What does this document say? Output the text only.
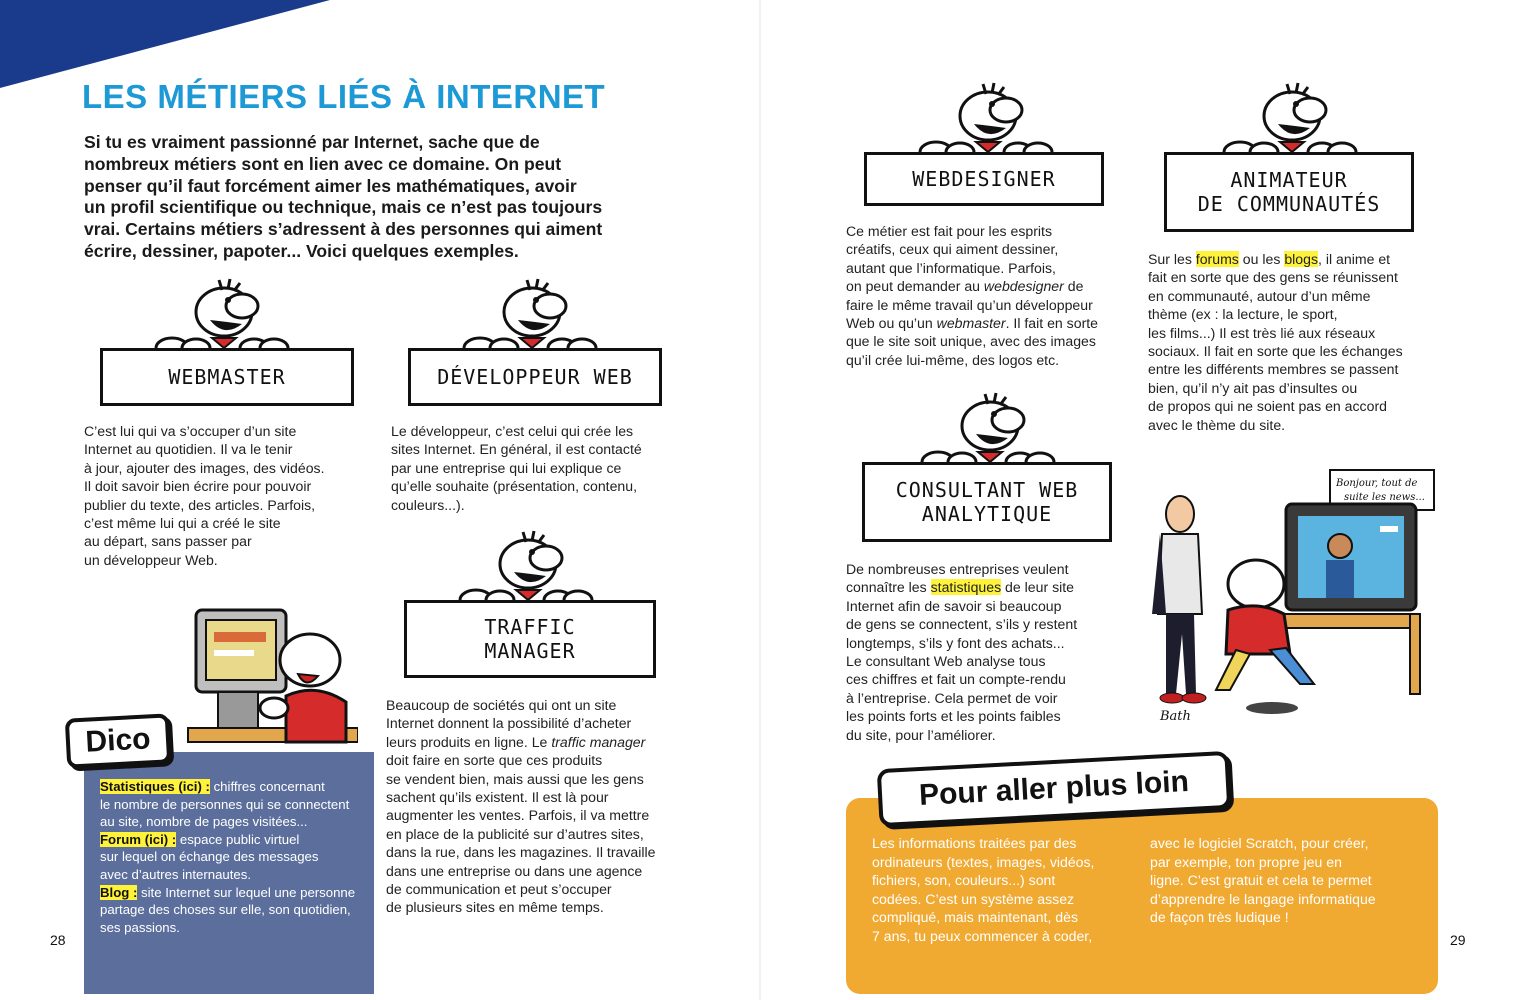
LES MÉTIERS LIÉS À INTERNET
Si tu es vraiment passionné par Internet, sache que de
nombreux métiers sont en lien avec ce domaine. On peut
penser qu’il faut forcément aimer les mathématiques, avoir
un profil scientifique ou technique, mais ce n’est pas toujours
vrai. Certains métiers s’adressent à des personnes qui aiment
écrire, dessiner, papoter... Voici quelques exemples.
WEBMASTER	DÉVELOPPEUR WEB
C’est lui qui va s’occuper d’un site
Internet au quotidien. Il va le tenir
à jour, ajouter des images, des vidéos.
Il doit savoir bien écrire pour pouvoir
publier du texte, des articles. Parfois,
c’est même lui qui a créé le site
au départ, sans passer par
un développeur Web.
Le développeur, c’est celui qui crée les
sites Internet. En général, il est contacté
par une entreprise qui lui explique ce
qu’elle souhaite (présentation, contenu,
couleurs...).
TRAFFIC
MANAGER
Beaucoup de sociétés qui ont un site
Internet donnent la possibilité d’acheter
leurs produits en ligne. Le traffic manager
doit faire en sorte que ces produits
se vendent bien, mais aussi que les gens
sachent qu’ils existent. Il est là pour
augmenter les ventes. Parfois, il va mettre
en place de la publicité sur d’autres sites,
dans la rue, dans les magazines. Il travaille
dans une entreprise ou dans une agence
de communication et peut s’occuper
de plusieurs sites en même temps.
Dico
Statistiques (ici) : chiffres concernant
le nombre de personnes qui se connectent
au site, nombre de pages visitées...
Forum (ici) : espace public virtuel
sur lequel on échange des messages
avec d’autres internautes.
Blog : site Internet sur lequel une personne
partage des choses sur elle, son quotidien,
ses passions.
28
WEBDESIGNER	ANIMATEUR
DE COMMUNAUTÉS
Ce métier est fait pour les esprits
créatifs, ceux qui aiment dessiner,
autant que l’informatique. Parfois,
on peut demander au webdesigner de
faire le même travail qu’un développeur
Web ou qu’un webmaster. Il fait en sorte
que le site soit unique, avec des images
qu’il crée lui-même, des logos etc.
Sur les forums ou les blogs, il anime et
fait en sorte que des gens se réunissent
en communauté, autour d’un même
thème (ex : la lecture, le sport,
les films...) Il est très lié aux réseaux
sociaux. Il fait en sorte que les échanges
entre les différents membres se passent
bien, qu’il n’y ait pas d’insultes ou
de propos qui ne soient pas en accord
avec le thème du site.
CONSULTANT WEB
ANALYTIQUE
De nombreuses entreprises veulent
connaître les statistiques de leur site
Internet afin de savoir si beaucoup
de gens se connectent, s’ils y restent
longtemps, s’ils y font des achats...
Le consultant Web analyse tous
ces chiffres et fait un compte-rendu
à l’entreprise. Cela permet de voir
les points forts et les points faibles
du site, pour l’améliorer.
Bonjour, tout de
suite les news...
Bath
Pour aller plus loin
Les informations traitées par des
ordinateurs (textes, images, vidéos,
fichiers, son, couleurs...) sont
codées. C’est un système assez
compliqué, mais maintenant, dès
7 ans, tu peux commencer à coder,
avec le logiciel Scratch, pour créer,
par exemple, ton propre jeu en
ligne. C’est gratuit et cela te permet
d’apprendre le langage informatique
de façon très ludique !
29
